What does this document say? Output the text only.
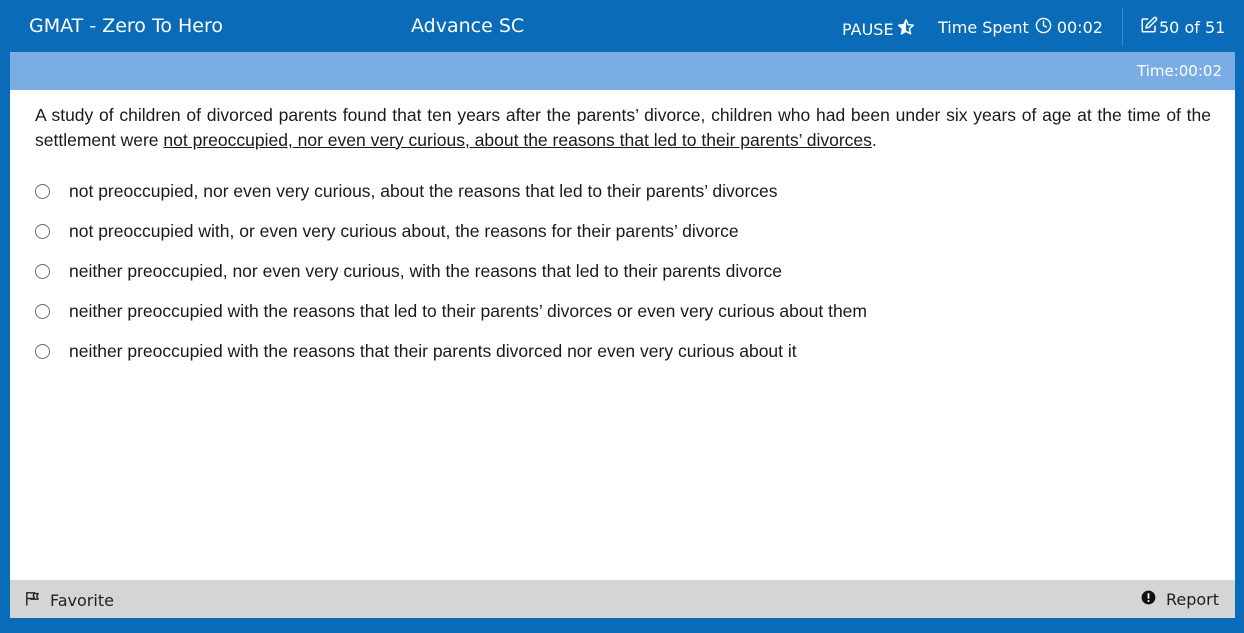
GMAT - Zero To Hero	Advance SC	PAUSE	Time Spent 00:02	50 of 51
Time:00:02
A study of children of divorced parents found that ten years after the parents’ divorce, children who had been under six years of age at the time of the settlement were not preoccupied, nor even very curious, about the reasons that led to their parents’ divorces.
not preoccupied, nor even very curious, about the reasons that led to their parents’ divorces
not preoccupied with, or even very curious about, the reasons for their parents’ divorce
neither preoccupied, nor even very curious, with the reasons that led to their parents divorce
neither preoccupied with the reasons that led to their parents’ divorces or even very curious about them
neither preoccupied with the reasons that their parents divorced nor even very curious about it
Favorite	Report
